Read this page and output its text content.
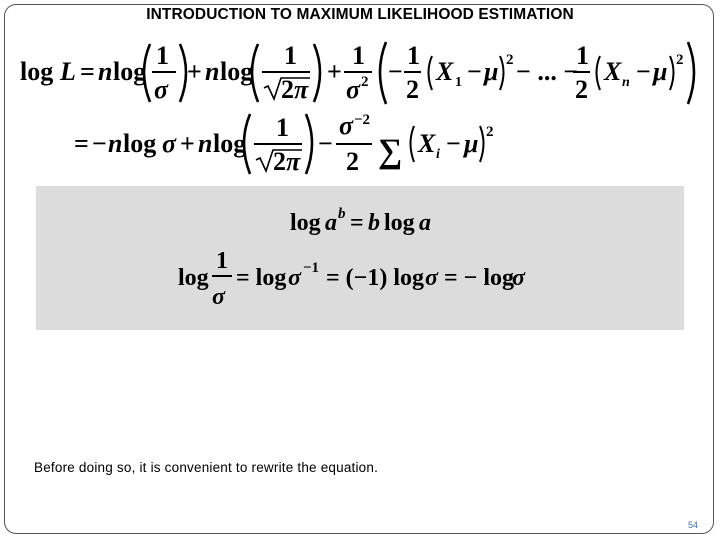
INTRODUCTION TO MAXIMUM LIKELIHOOD ESTIMATION
log L = n log
1
σ
+ n log
1
2 π
+
1
σ 2 −
1
2
X 1 − μ 2 − ... −
1
2
X n − μ 2
= − n log σ + n log
1
2 π
−
σ −2
2 ∑ X i − μ 2
log a b = b log a
log
1
σ
= log σ −1 = (−1) log σ = − log
σ
Before doing so, it is convenient to rewrite the equation.
54
